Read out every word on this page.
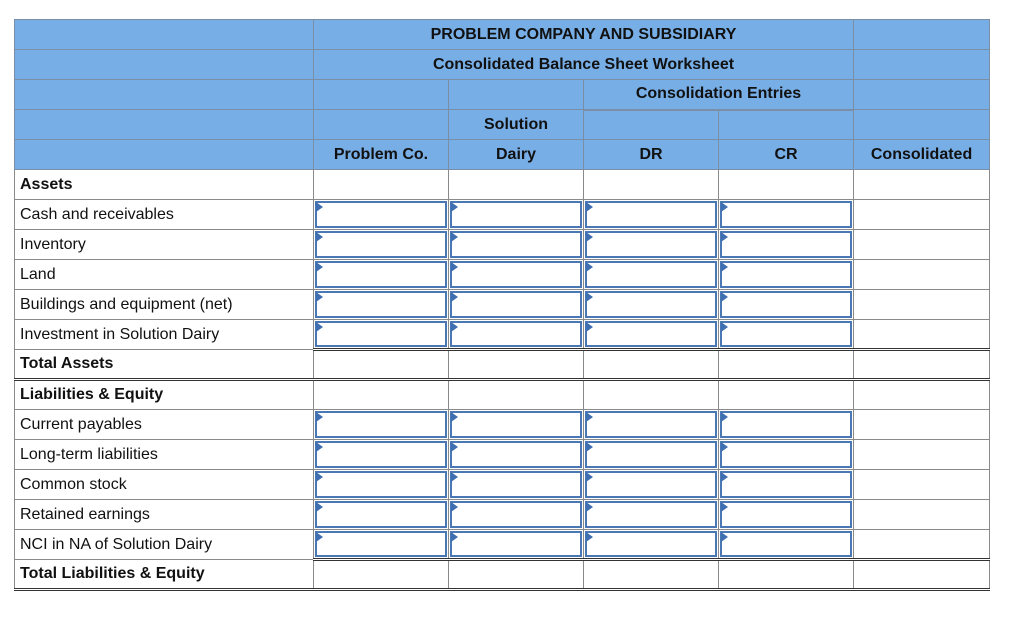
	PROBLEM COMPANY AND SUBSIDIARY				
	Consolidated Balance Sheet Worksheet				
			Consolidation Entries		
		Solution			
	Problem Co.	Dairy	DR	CR	Consolidated
Assets					
Cash and receivables	

Inventory	

Land	

Buildings and equipment (net)	

Investment in Solution Dairy	

Total Assets					
Liabilities & Equity					
Current payables	

Long-term liabilities	

Common stock	

Retained earnings	

NCI in NA of Solution Dairy	

Total Liabilities & Equity					
